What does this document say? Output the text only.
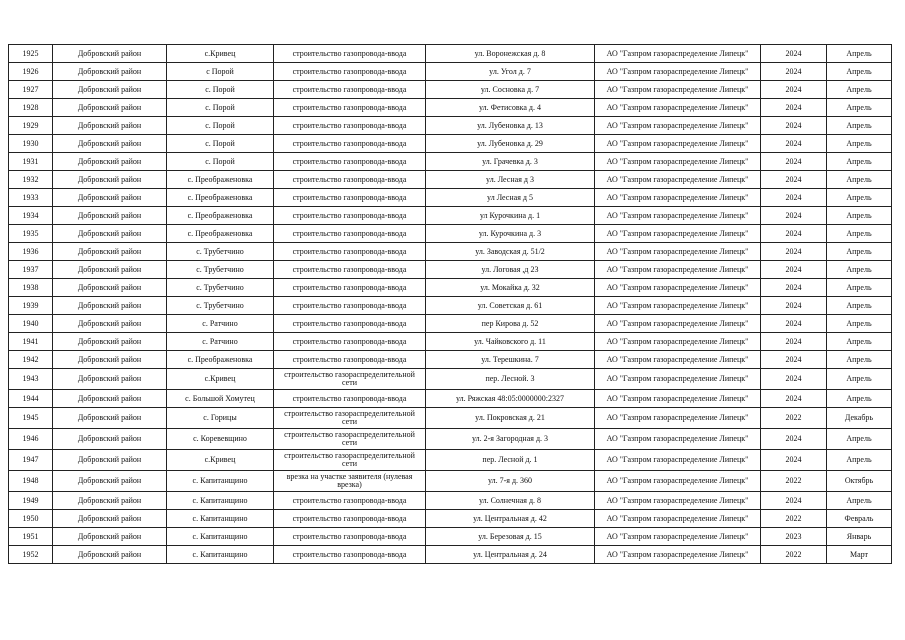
1925	Добровский район	с.Кривец	строительство газопровода-ввода	ул. Воронежская д. 8	АО "Газпром газораспределение Липецк"	2024	Апрель
1926	Добровский район	с Порой	строительство газопровода-ввода	ул. Угол д. 7	АО "Газпром газораспределение Липецк"	2024	Апрель
1927	Добровский район	с. Порой	строительство газопровода-ввода	ул. Сосновка д. 7	АО "Газпром газораспределение Липецк"	2024	Апрель
1928	Добровский район	с. Порой	строительство газопровода-ввода	ул. Фетисовка д. 4	АО "Газпром газораспределение Липецк"	2024	Апрель
1929	Добровский район	с. Порой	строительство газопровода-ввода	ул. Лубеновка д. 13	АО "Газпром газораспределение Липецк"	2024	Апрель
1930	Добровский район	с. Порой	строительство газопровода-ввода	ул. Лубеновка д. 29	АО "Газпром газораспределение Липецк"	2024	Апрель
1931	Добровский район	с. Порой	строительство газопровода-ввода	ул. Грачевка д. 3	АО "Газпром газораспределение Липецк"	2024	Апрель
1932	Добровский район	с. Преображеновка	строительство газопровода-ввода	ул. Лесная д 3	АО "Газпром газораспределение Липецк"	2024	Апрель
1933	Добровский район	с. Преображеновка	строительство газопровода-ввода	ул Лесная д 5	АО "Газпром газораспределение Липецк"	2024	Апрель
1934	Добровский район	с. Преображеновка	строительство газопровода-ввода	ул Курочкина д. 1	АО "Газпром газораспределение Липецк"	2024	Апрель
1935	Добровский район	с. Преображеновка	строительство газопровода-ввода	ул. Курочкина д. 3	АО "Газпром газораспределение Липецк"	2024	Апрель
1936	Добровский район	с. Трубетчино	строительство газопровода-ввода	ул. Заводская д. 51/2	АО "Газпром газораспределение Липецк"	2024	Апрель
1937	Добровский район	с. Трубетчино	строительство газопровода-ввода	ул. Логовая ,д 23	АО "Газпром газораспределение Липецк"	2024	Апрель
1938	Добровский район	с. Трубетчино	строительство газопровода-ввода	ул. Мокайка д. 32	АО "Газпром газораспределение Липецк"	2024	Апрель
1939	Добровский район	с. Трубетчино	строительство газопровода-ввода	ул. Советская д. 61	АО "Газпром газораспределение Липецк"	2024	Апрель
1940	Добровский район	с. Ратчино	строительство газопровода-ввода	пер Кирова д. 52	АО "Газпром газораспределение Липецк"	2024	Апрель
1941	Добровский район	с. Ратчино	строительство газопровода-ввода	ул. Чайковского д. 11	АО "Газпром газораспределение Липецк"	2024	Апрель
1942	Добровский район	с. Преображеновка	строительство газопровода-ввода	ул. Терешкина. 7	АО "Газпром газораспределение Липецк"	2024	Апрель
1943	Добровский район	с.Кривец	строительство газораспределительной сети	пер. Лесной. 3	АО "Газпром газораспределение Липецк"	2024	Апрель
1944	Добровский район	с. Большой Хомутец	строительство газопровода-ввода	ул. Ряжская 48:05:0000000:2327	АО "Газпром газораспределение Липецк"	2024	Апрель
1945	Добровский район	с. Горицы	строительство газораспределительной сети	ул. Покровская д. 21	АО "Газпром газораспределение Липецк"	2022	Декабрь
1946	Добровский район	с. Коревевщино	строительство газораспределительной сети	ул. 2-я Загородная д. 3	АО "Газпром газораспределение Липецк"	2024	Апрель
1947	Добровский район	с.Кривец	строительство газораспределительной сети	пер. Лесной д. 1	АО "Газпром газораспределение Липецк"	2024	Апрель
1948	Добровский район	с. Капитанщино	врезка на участке заявителя (нулевая врезка)	ул. 7-я д. 360	АО "Газпром газораспределение Липецк"	2022	Октябрь
1949	Добровский район	с. Капитанщино	строительство газопровода-ввода	ул. Солнечная д. 8	АО "Газпром газораспределение Липецк"	2024	Апрель
1950	Добровский район	с. Капитанщино	строительство газопровода-ввода	ул. Центральная д. 42	АО "Газпром газораспределение Липецк"	2022	Февраль
1951	Добровский район	с. Капитанщино	строительство газопровода-ввода	ул. Березовая д. 15	АО "Газпром газораспределение Липецк"	2023	Январь
1952	Добровский район	с. Капитанщино	строительство газопровода-ввода	ул. Центральная д. 24	АО "Газпром газораспределение Липецк"	2022	Март
